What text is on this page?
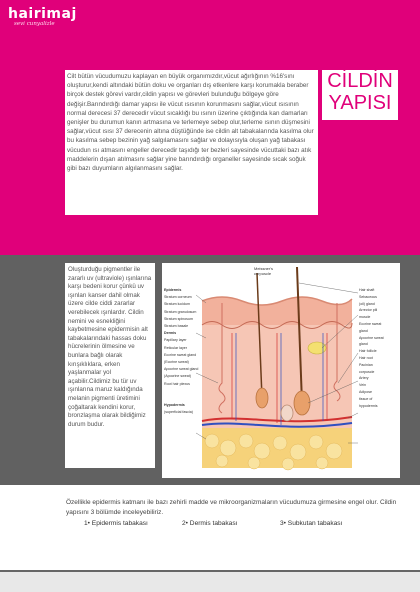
hairimaj
sevi cunyalizle
Cilt bütün vücudumuzu kaplayan en büyük organımızdır,vücut ağırlığının %16'sını oluşturur,kendi altındaki bütün doku ve organları dış etkenlere karşı korumakla beraber birçok destek görevi vardır,cildin yapısı ve görevleri bulunduğu bölgeye göre değişir.Barındırdığı damar yapısı ile vücut ısısının korunmasını sağlar,vücut ısısının normal derecesi 37 derecedir vücut sıcaklığı bu ısının üzerine çıktığında kan damarları genişler bu durumun kanın artmasına ve terlemeye sebep olur,terleme ısının düşmesini sağlar,vücut ısısı 37 derecenin altına düştüğünde ise cildin alt tabakalarında kasılma olur bu kasılma sebep bezinin yağ salgılamasını sağlar ve dolayısıyla oluşan yağ tabakası vücudun ısı atmasını engeller derecedir taşıdığı ter bezleri sayesinde vücuttaki bazı atık maddelerin dışarı atılmasını sağlar yine barındırdığı organeller sayesinde sıcak soğuk gibi bazı duyumların algılanmasını sağlar.
CİLDİN
YAPISI
Oluşturduğu pigmentler ile zararlı uv (ultraviole) ışınlarına karşı bedeni korur çünkü uv ışınları kanser dahil olmak üzere cilde ciddi zararlar verebilecek ışınlardır. Cildin nemini ve esnekliğini kaybetmesine epidermisin alt tabakalarındaki hassas doku hücrelerinin ölmesine ve bunlara bağlı olarak kırışıklıklara, erken yaşlanmalar yol açabilir.Cildimiz bu tür uv ışınlarına maruz kaldığında melanin pigmenti üretimini çoğaltarak kendini korur, bronzlaşma olarak bildiğimiz durum budur.
Meissner's
corpuscle
Epidermis
Stratum corneum
Stratum lucidum
Stratum granulosum
Stratum spinosum
Stratum basale
Dermis
Papillary layer
Reticular layer
Eccrine sweat gland
(Eccrine sweat)
Apocrine sweat gland
(Apocrine sweat)
Root hair plexus
Hypodermis
(superficial fascia)
Hair shaft
Sebaceous
(oil) gland
Arrector pili
muscle
Eccrine sweat
gland
Apocrine sweat
gland
Hair follicle
Hair root
Pacinian
corpuscle
Artery
Vein
Adipose
tissue of
hypodermis
Özellikle epidermis katmanı ile bazı zehirli madde ve mikroorganizmaların vücudumuza girmesine engel olur. Cildin yapısını 3 bölümde inceleyebiliriz.
1• Epidermis tabakası	2• Dermis tabakası	3• Subkutan tabakası
